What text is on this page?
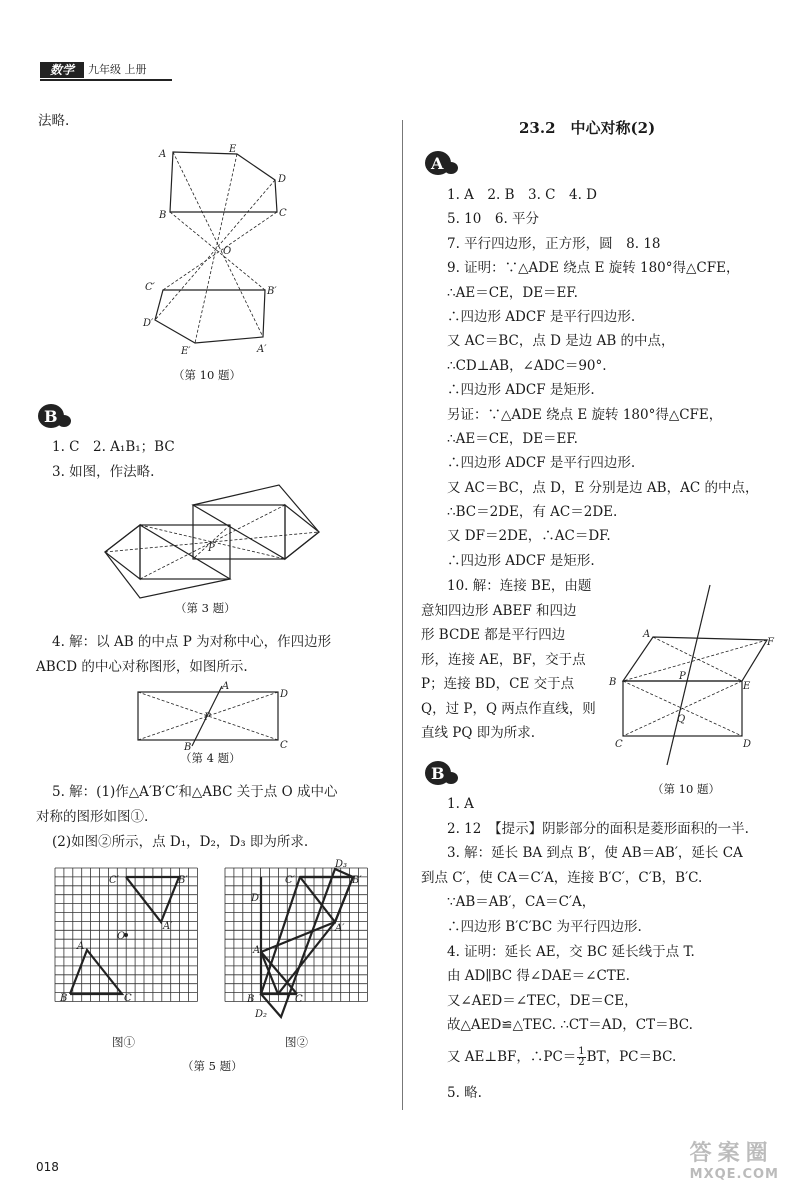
数学	九年级 上册
法略.
A	E
D
B	C
O
C′	B′
D′
E′	A′
（第 10 题）
B
1. C　2. A₁B₁；BC
3. 如图，作法略.
P
（第 3 题）
4. 解：以 AB 的中点 P 为对称中心，作四边形
ABCD 的中心对称图形，如图所示.
A
D
P
B	C
（第 4 题）
5. 解：(1)作△A′B′C′和△ABC 关于点 O 成中心
对称的图形如图①.
(2)如图②所示，点 D₁，D₂，D₃ 即为所求.
A
B	C
C′	B′
A′
O
图①
D₃
D₁
D₂
C′	B′
A′
A
B	C
图②
（第 5 题）
018
23.2　中心对称(2)
A
1. A　2. B　3. C　4. D
5. 10　6. 平分
7. 平行四边形，正方形，圆　8. 18
9. 证明：∵△ADE 绕点 E 旋转 180°得△CFE，
∴AE＝CE，DE＝EF.
∴四边形 ADCF 是平行四边形.
又 AC＝BC，点 D 是边 AB 的中点，
∴CD⊥AB，∠ADC＝90°.
∴四边形 ADCF 是矩形.
另证：∵△ADE 绕点 E 旋转 180°得△CFE，
∴AE＝CE，DE＝EF.
∴四边形 ADCF 是平行四边形.
又 AC＝BC，点 D，E 分别是边 AB，AC 的中点，
∴BC＝2DE，有 AC＝2DE.
又 DF＝2DE，∴AC＝DF.
∴四边形 ADCF 是矩形.
10. 解：连接 BE，由题
意知四边形 ABEF 和四边
形 BCDE 都是平行四边
形，连接 AE，BF，交于点
P；连接 BD，CE 交于点
Q，过 P，Q 两点作直线，则
直线 PQ 即为所求.
A
F
B	E
P
Q
C	D
（第 10 题）
B
1. A
2. 12　【提示】阴影部分的面积是菱形面积的一半.
3. 解：延长 BA 到点 B′，使 AB＝AB′，延长 CA
到点 C′，使 CA＝C′A，连接 B′C′，C′B，B′C.
∵AB＝AB′，CA＝C′A，
∴四边形 B′C′BC 为平行四边形.
4. 证明：延长 AE，交 BC 延长线于点 T.
由 AD∥BC 得∠DAE＝∠CTE.
又∠AED＝∠TEC，DE＝CE，
故△AED≌△TEC. ∴CT＝AD，CT＝BC.
又 AE⊥BF，∴PC＝ $\frac{1}{2}$ BT，PC＝BC.
5. 略.
答案圈
MXQE.COM
